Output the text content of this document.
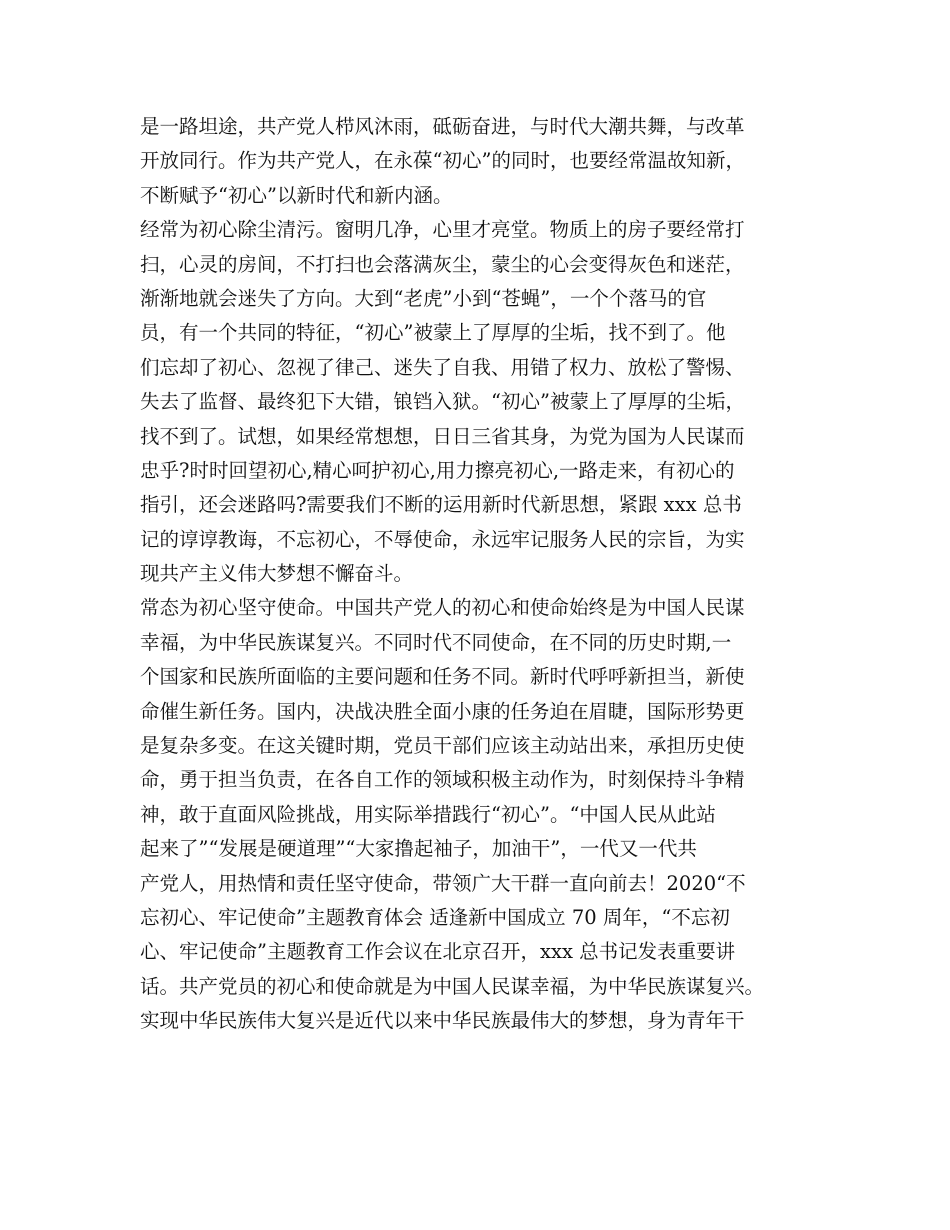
是一路坦途，共产党人栉风沐雨，砥砺奋进，与时代大潮共舞，与改革
开放同行。作为共产党人，在永葆“初心”的同时，也要经常温故知新，
不断赋予“初心”以新时代和新内涵。
经常为初心除尘清污。窗明几净，心里才亮堂。物质上的房子要经常打
扫，心灵的房间，不打扫也会落满灰尘，蒙尘的心会变得灰色和迷茫，
渐渐地就会迷失了方向。大到“老虎”小到“苍蝇”，一个个落马的官
员，有一个共同的特征，“初心”被蒙上了厚厚的尘垢，找不到了。他
们忘却了初心、忽视了律己、迷失了自我、用错了权力、放松了警惕、
失去了监督、最终犯下大错，锒铛入狱。“初心”被蒙上了厚厚的尘垢，
找不到了。试想，如果经常想想，日日三省其身，为党为国为人民谋而
忠乎?时时回望初心,精心呵护初心,用力擦亮初心,一路走来，有初心的
指引，还会迷路吗?需要我们不断的运用新时代新思想，紧跟 xxx 总书
记的谆谆教诲，不忘初心，不辱使命，永远牢记服务人民的宗旨，为实
现共产主义伟大梦想不懈奋斗。
常态为初心坚守使命。中国共产党人的初心和使命始终是为中国人民谋
幸福，为中华民族谋复兴。不同时代不同使命，在不同的历史时期,一
个国家和民族所面临的主要问题和任务不同。新时代呼呼新担当，新使
命催生新任务。国内，决战决胜全面小康的任务迫在眉睫，国际形势更
是复杂多变。在这关键时期，党员干部们应该主动站出来，承担历史使
命，勇于担当负责，在各自工作的领域积极主动作为，时刻保持斗争精
神，敢于直面风险挑战，用实际举措践行“初心”。“中国人民从此站
起来了”“发展是硬道理”“大家撸起袖子，加油干”，一代又一代共
产党人，用热情和责任坚守使命，带领广大干群一直向前去！2020“不
忘初心、牢记使命”主题教育体会 适逢新中国成立 70 周年，“不忘初
心、牢记使命”主题教育工作会议在北京召开，xxx 总书记发表重要讲
话。共产党员的初心和使命就是为中国人民谋幸福，为中华民族谋复兴。
实现中华民族伟大复兴是近代以来中华民族最伟大的梦想，身为青年干
